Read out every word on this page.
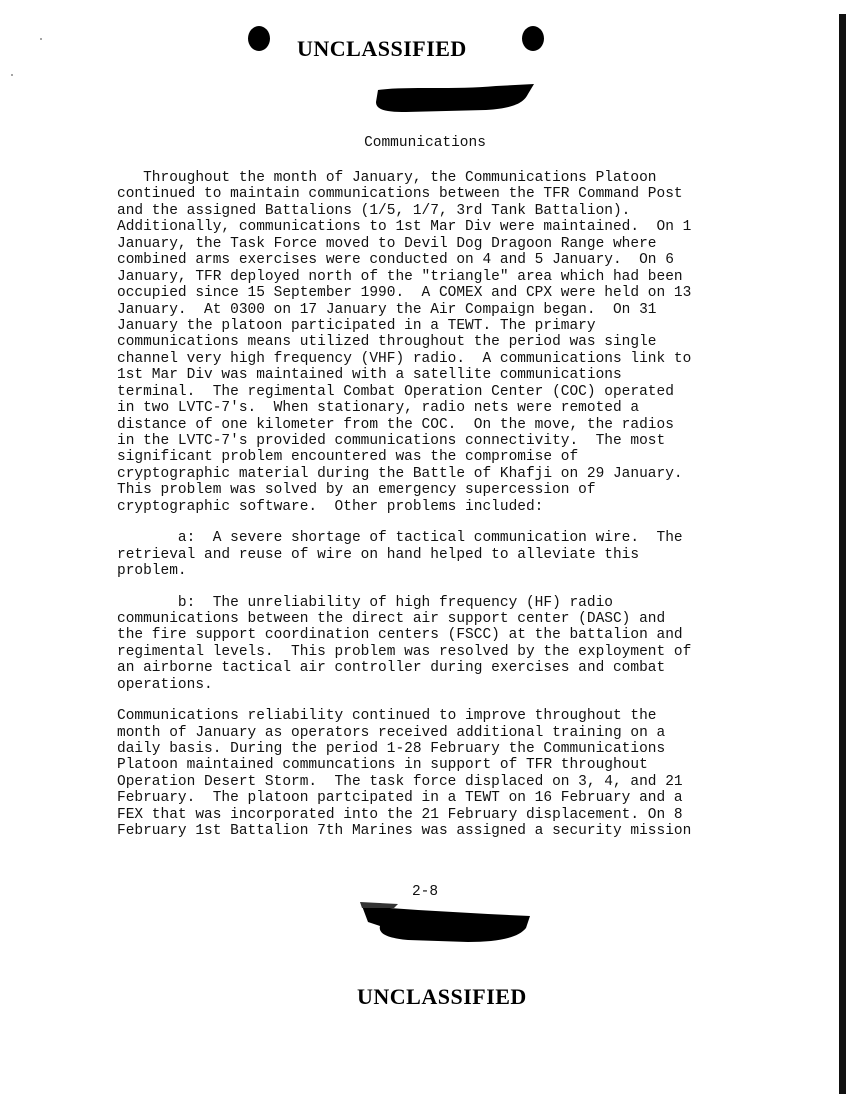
UNCLASSIFIED
Communications
Throughout the month of January, the Communications Platoon
continued to maintain communications between the TFR Command Post
and the assigned Battalions (1/5, 1/7, 3rd Tank Battalion).
Additionally, communications to 1st Mar Div were maintained.  On 1
January, the Task Force moved to Devil Dog Dragoon Range where
combined arms exercises were conducted on 4 and 5 January.  On 6
January, TFR deployed north of the "triangle" area which had been
occupied since 15 September 1990.  A COMEX and CPX were held on 13
January.  At 0300 on 17 January the Air Compaign began.  On 31
January the platoon participated in a TEWT. The primary
communications means utilized throughout the period was single
channel very high frequency (VHF) radio.  A communications link to
1st Mar Div was maintained with a satellite communications
terminal.  The regimental Combat Operation Center (COC) operated
in two LVTC-7's.  When stationary, radio nets were remoted a
distance of one kilometer from the COC.  On the move, the radios
in the LVTC-7's provided communications connectivity.  The most
significant problem encountered was the compromise of
cryptographic material during the Battle of Khafji on 29 January.
This problem was solved by an emergency supercession of
cryptographic software.  Other problems included:
a:  A severe shortage of tactical communication wire.  The
retrieval and reuse of wire on hand helped to alleviate this
problem.
b:  The unreliability of high frequency (HF) radio
communications between the direct air support center (DASC) and
the fire support coordination centers (FSCC) at the battalion and
regimental levels.  This problem was resolved by the exployment of
an airborne tactical air controller during exercises and combat
operations.
Communications reliability continued to improve throughout the
month of January as operators received additional training on a
daily basis. During the period 1-28 February the Communications
Platoon maintained communcations in support of TFR throughout
Operation Desert Storm.  The task force displaced on 3, 4, and 21
February.  The platoon partcipated in a TEWT on 16 February and a
FEX that was incorporated into the 21 February displacement. On 8
February 1st Battalion 7th Marines was assigned a security mission
2-8
UNCLASSIFIED
